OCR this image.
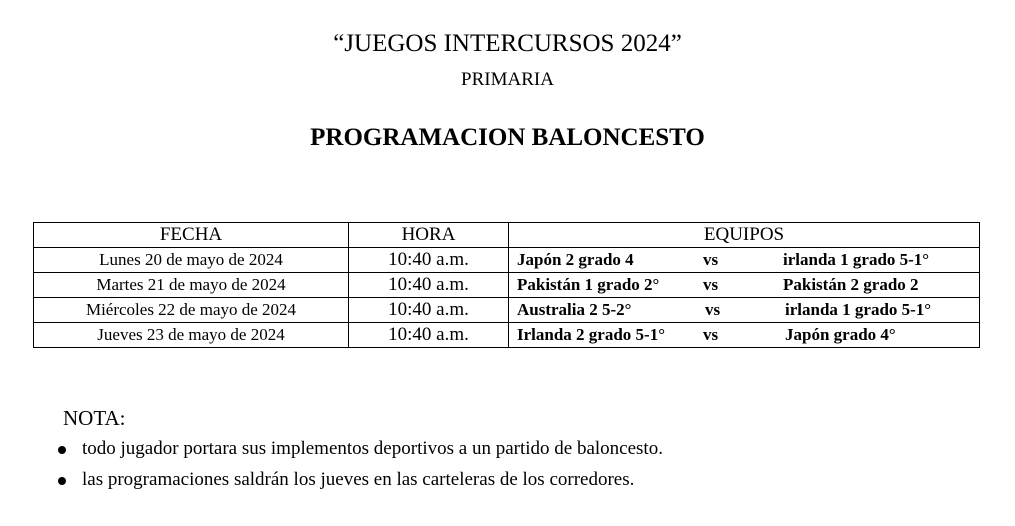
“JUEGOS INTERCURSOS 2024”
PRIMARIA
PROGRAMACION BALONCESTO
FECHA	HORA	EQUIPOS
Lunes 20 de mayo de 2024	10:40 a.m.	Japón 2 grado 4 vs irlanda 1 grado 5-1°

Martes 21 de mayo de 2024	10:40 a.m.	Pakistán 1 grado 2° vs Pakistán 2 grado 2

Miércoles 22 de mayo de 2024	10:40 a.m.	Australia 2 5-2° vs irlanda 1 grado 5-1°

Jueves 23 de mayo de 2024	10:40 a.m.	Irlanda 2 grado 5-1° vs Japón grado 4°
NOTA:
todo jugador portara sus implementos deportivos a un partido de baloncesto.
las programaciones saldrán los jueves en las carteleras de los corredores.
